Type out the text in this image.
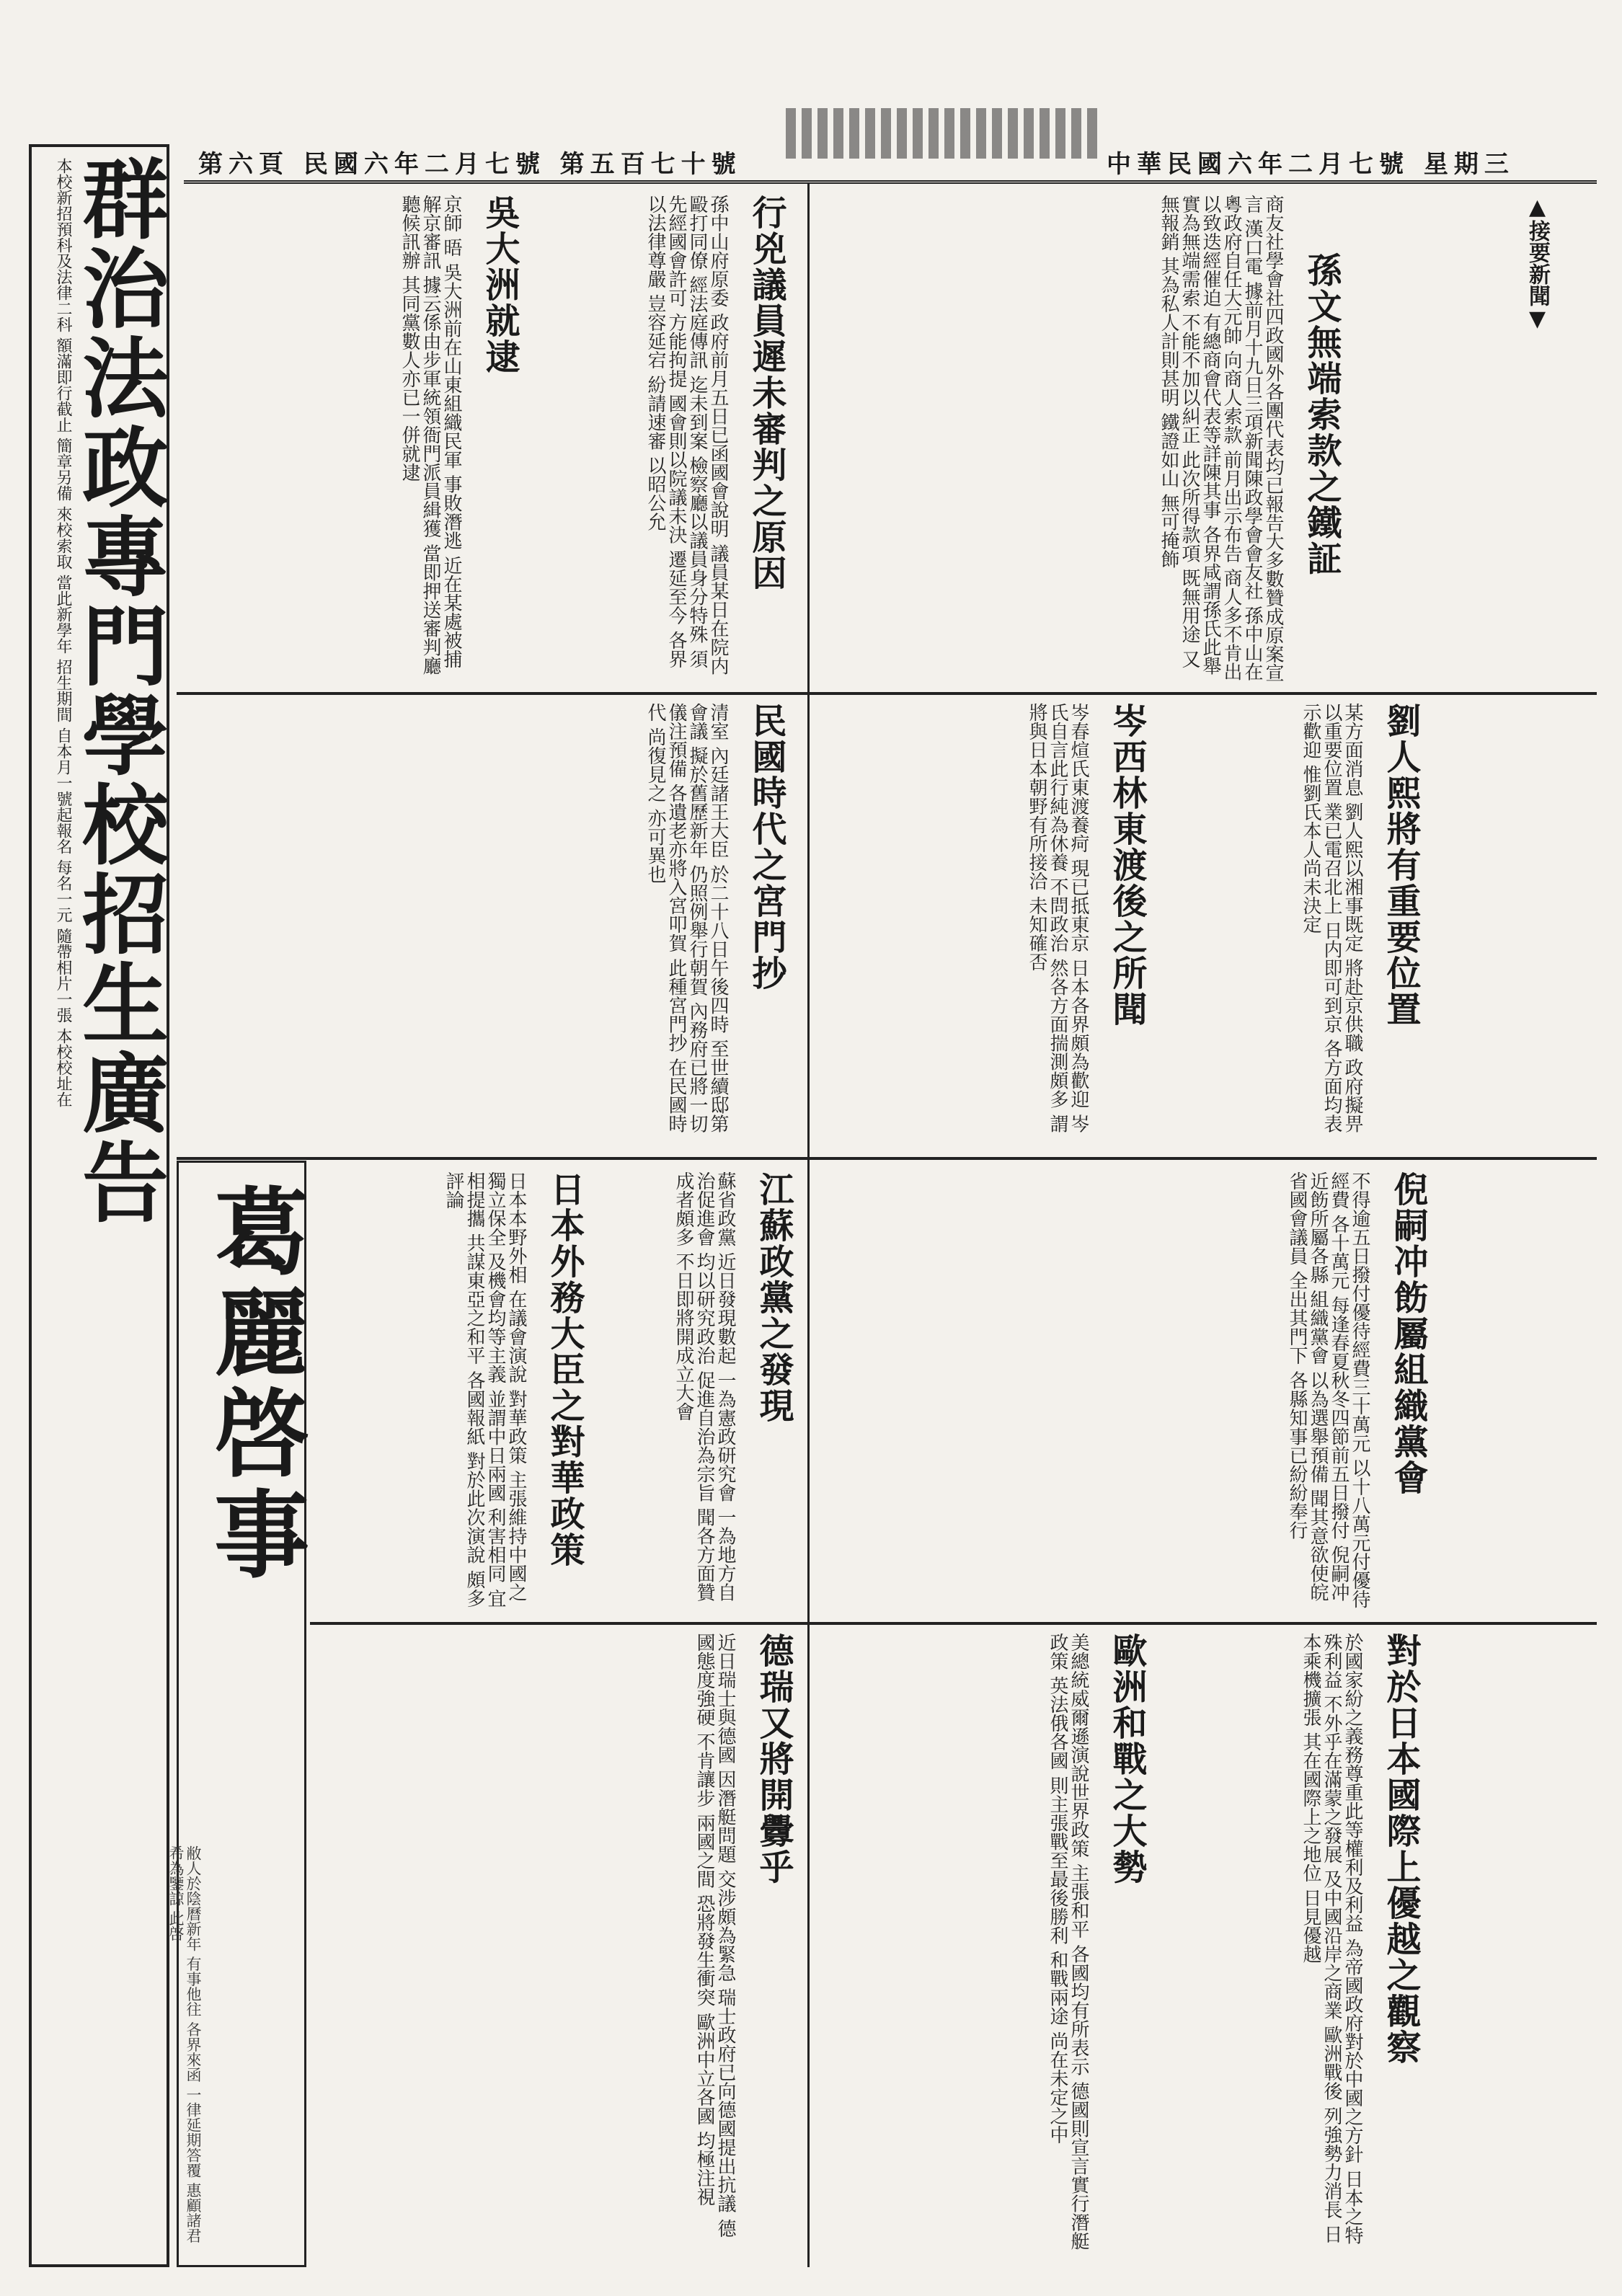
中華民國六年二月七號 星期三
第六頁 民國六年二月七號 第五百七十號
群治法政專門學校招生廣告
本校新招預科及法律二科 額滿即行截止 簡章另備 來校索取 當此新學年 招生期間 自本月一號起報名 每名一元 隨帶相片一張 本校校址在	▲接要新聞▼
孫文無端索款之鐵証
商友社學會社四政國外各團代表均已報告大多數贊成原案宣言 漢口電 據前月十九日三項新聞陳政學會會友社 孫中山在粵政府自任大元帥 向商人索款 前月出示布告 商人多不肯出 以致迭經催迫 有總商會代表等詳陳其事 各界咸謂孫氏此舉 實為無端需索 不能不加以糾正 此次所得款項 既無用途 又無報銷 其為私人計則甚明 鐵證如山 無可掩飾
行兇議員遲未審判之原因
孫中山府原委 政府前月五日已函國會說明 議員某日在院内毆打同僚 經法庭傳訊 迄未到案 檢察廳以議員身分特殊 須先經國會許可 方能拘提 國會則以院議未決 遷延至今 各界以法律尊嚴 豈容延宕 紛請速審 以昭公允
吳大洲就逮
京師 晤 吳大洲前在山東組織民軍 事敗潛逃 近在某處被捕 解京審訊 據云係由步軍統領衙門派員緝獲 當即押送審判廳 聽候訊辦 其同黨數人亦已一併就逮
劉人熙將有重要位置
某方面消息 劉人熙以湘事既定 將赴京供職 政府擬畀以重要位置 業已電召北上 日内即可到京 各方面均表示歡迎 惟劉氏本人尚未決定
岑西林東渡後之所聞
岑春煊氏東渡養疴 現已抵東京 日本各界頗為歡迎 岑氏自言此行純為休養 不問政治 然各方面揣測頗多 謂將與日本朝野有所接洽 未知確否
民國時代之宮門抄
清室 內廷諸王大臣 於二十八日午後四時 至世續邸第會議 擬於舊歷新年 仍照例舉行朝賀 內務府已將一切儀注預備 各遺老亦將入宮叩賀 此種宮門抄 在民國時代 尚復見之 亦可異也
葛麗啓事
敝人於陰曆新年 有事他往 各界來函 一律延期答覆 惠顧諸君 希為鑒諒 此啓
倪嗣冲飭屬組織黨會
不得逾五日撥付優待經費三十萬元 以十八萬元付優待經費 各十萬元 每逢春夏秋冬四節前五日撥付 倪嗣冲近飭所屬各縣 組織黨會 以為選舉預備 聞其意欲使皖省國會議員 全出其門下 各縣知事已紛紛奉行
江蘇政黨之發現
蘇省政黨 近日發現數起 一為憲政研究會 一為地方自治促進會 均以研究政治 促進自治為宗旨 聞各方面贊成者頗多 不日即將開成立大會
日本外務大臣之對華政策
日本本野外相 在議會演說 對華政策 主張維持中國之獨立保全 及機會均等主義 並謂中日兩國 利害相同 宜相提攜 共謀東亞之和平 各國報紙 對於此次演說 頗多評論
對於日本國際上優越之觀察
於國家紛之義務尊重此等權利及利益 為帝國政府對於中國之方針 日本之特殊利益 不外乎在滿蒙之發展 及中國沿岸之商業 歐洲戰後 列強勢力消長 日本乘機擴張 其在國際上之地位 日見優越
歐洲和戰之大勢
美總統威爾遜演說世界政策 主張和平 各國均有所表示 德國則宣言實行潛艇政策 英法俄各國 則主張戰至最後勝利 和戰兩途 尚在未定之中
德瑞又將開釁乎
近日瑞士與德國 因潛艇問題 交涉頗為緊急 瑞士政府已向德國提出抗議 德國態度強硬 不肯讓步 兩國之間 恐將發生衝突 歐洲中立各國 均極注視
